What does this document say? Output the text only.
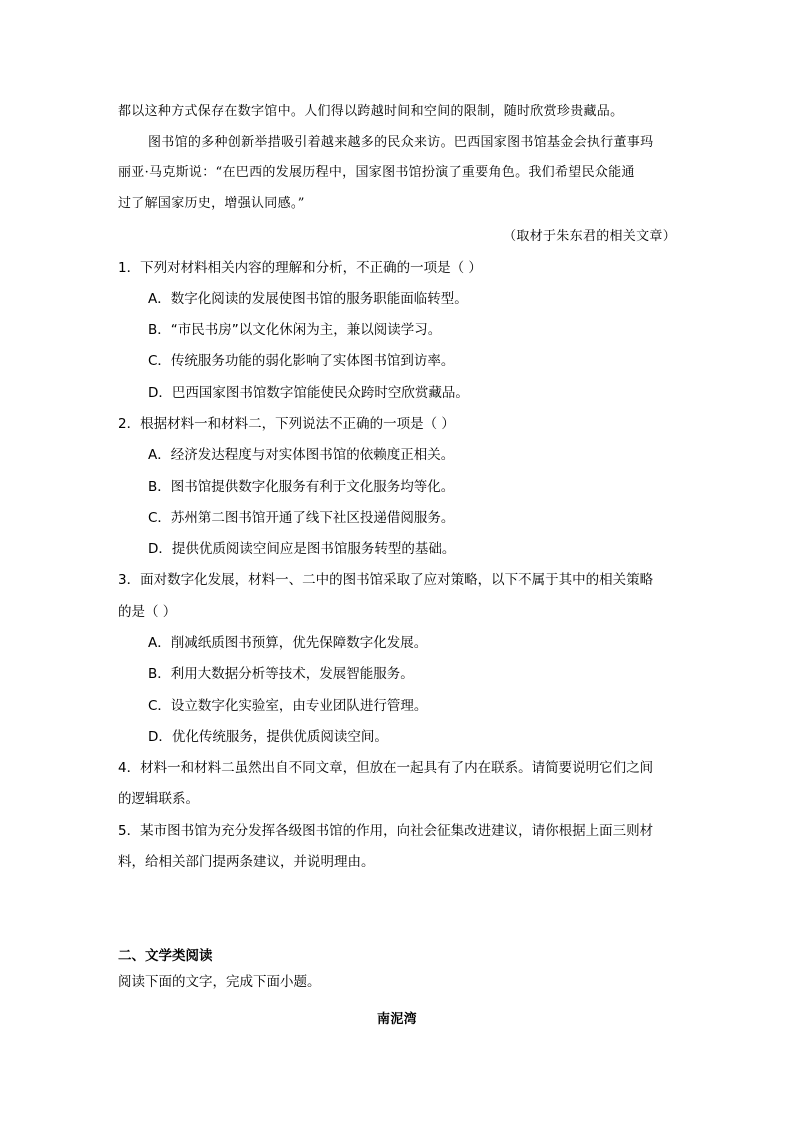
都以这种方式保存在数字馆中。人们得以跨越时间和空间的限制，随时欣赏珍贵藏品。
图书馆的多种创新举措吸引着越来越多的民众来访。巴西国家图书馆基金会执行董事玛
丽亚·马克斯说：“在巴西的发展历程中，国家图书馆扮演了重要角色。我们希望民众能通
过了解国家历史，增强认同感。”
（取材于朱东君的相关文章）
1．下列对材料相关内容的理解和分析，不正确的一项是（ ）
A．数字化阅读的发展使图书馆的服务职能面临转型。
B．“市民书房”以文化休闲为主，兼以阅读学习。
C．传统服务功能的弱化影响了实体图书馆到访率。
D．巴西国家图书馆数字馆能使民众跨时空欣赏藏品。
2．根据材料一和材料二，下列说法不正确的一项是（ ）
A．经济发达程度与对实体图书馆的依赖度正相关。
B．图书馆提供数字化服务有利于文化服务均等化。
C．苏州第二图书馆开通了线下社区投递借阅服务。
D．提供优质阅读空间应是图书馆服务转型的基础。
3．面对数字化发展，材料一、二中的图书馆采取了应对策略，以下不属于其中的相关策略
的是（ ）
A．削减纸质图书预算，优先保障数字化发展。
B．利用大数据分析等技术，发展智能服务。
C．设立数字化实验室，由专业团队进行管理。
D．优化传统服务，提供优质阅读空间。
4．材料一和材料二虽然出自不同文章，但放在一起具有了内在联系。请简要说明它们之间
的逻辑联系。
5．某市图书馆为充分发挥各级图书馆的作用，向社会征集改进建议，请你根据上面三则材
料，给相关部门提两条建议，并说明理由。
二、文学类阅读
阅读下面的文字，完成下面小题。
南泥湾
